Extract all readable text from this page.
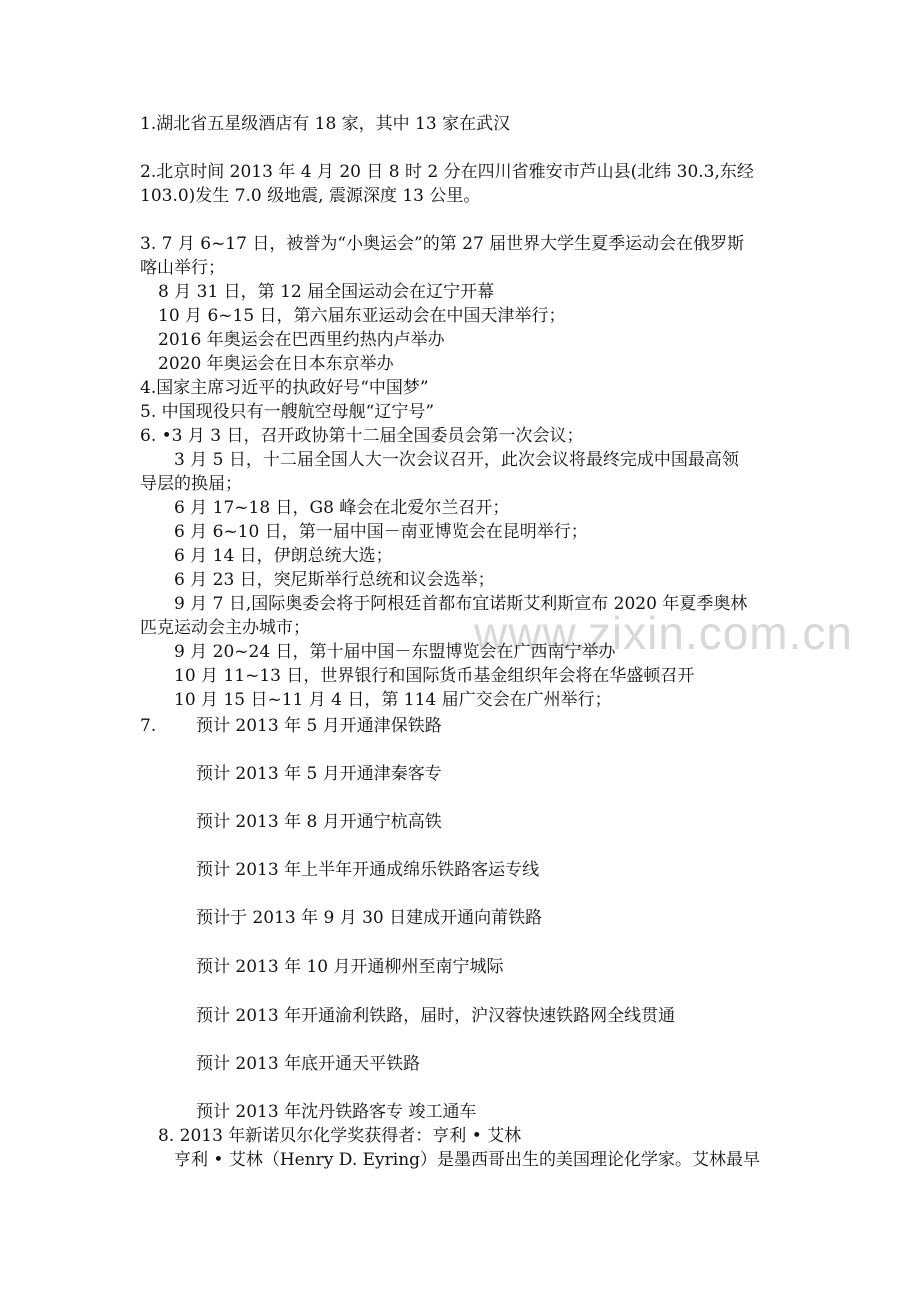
www.zixin.com.cn
1.湖北省五星级酒店有 18 家，其中 13 家在武汉
2.北京时间 2013 年 4 月 20 日 8 时 2 分在四川省雅安市芦山县(北纬 30.3,东经
103.0)发生 7.0 级地震, 震源深度 13 公里。
3. 7 月 6~17 日，被誉为“小奥运会”的第 27 届世界大学生夏季运动会在俄罗斯
喀山举行；
8 月 31 日，第 12 届全国运动会在辽宁开幕
10 月 6~15 日，第六届东亚运动会在中国天津举行；
2016 年奥运会在巴西里约热内卢举办
2020 年奥运会在日本东京举办
4.国家主席习近平的执政好号“中国梦”
5. 中国现役只有一艘航空母舰“辽宁号”
6. •3 月 3 日，召开政协第十二届全国委员会第一次会议；
3 月 5 日，十二届全国人大一次会议召开，此次会议将最终完成中国最高领
导层的换届；
6 月 17~18 日，G8 峰会在北爱尔兰召开；
6 月 6~10 日，第一届中国－南亚博览会在昆明举行；
6 月 14 日，伊朗总统大选；
6 月 23 日，突尼斯举行总统和议会选举；
9 月 7 日,国际奥委会将于阿根廷首都布宜诺斯艾利斯宣布 2020 年夏季奥林
匹克运动会主办城市；
9 月 20~24 日，第十届中国－东盟博览会在广西南宁举办
10 月 11~13 日，世界银行和国际货币基金组织年会将在华盛顿召开
10 月 15 日~11 月 4 日，第 114 届广交会在广州举行；
7. 预计 2013 年 5 月开通津保铁路
预计 2013 年 5 月开通津秦客专
预计 2013 年 8 月开通宁杭高铁
预计 2013 年上半年开通成绵乐铁路客运专线
预计于 2013 年 9 月 30 日建成开通向莆铁路
预计 2013 年 10 月开通柳州至南宁城际
预计 2013 年开通渝利铁路，届时，沪汉蓉快速铁路网全线贯通
预计 2013 年底开通天平铁路
预计 2013 年沈丹铁路客专 竣工通车
8. 2013 年新诺贝尔化学奖获得者：亨利 • 艾林
亨利 • 艾林（Henry D. Eyring）是墨西哥出生的美国理论化学家。艾林最早
